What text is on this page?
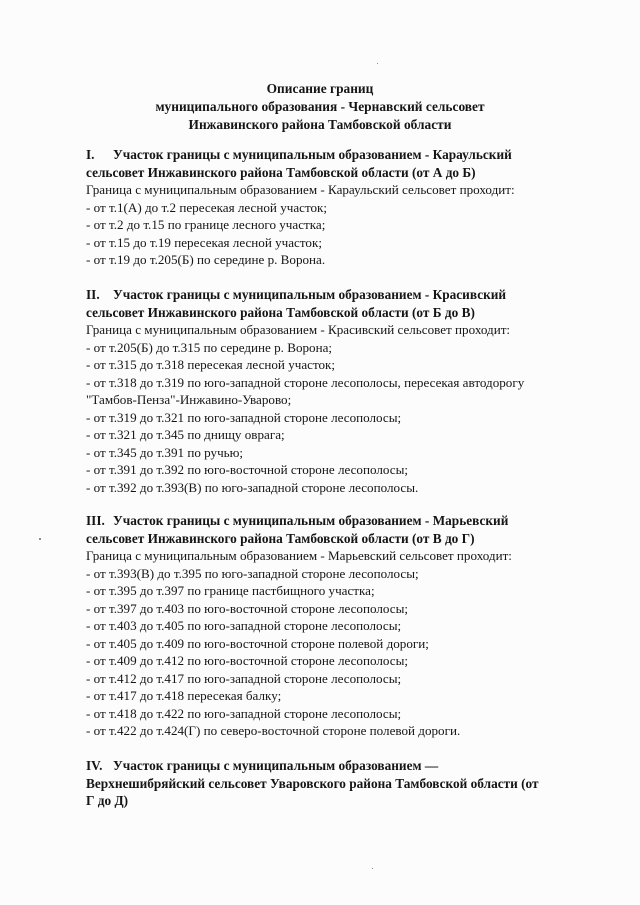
Описание границ
муниципального образования - Чернавский сельсовет
Инжавинского района Тамбовской области
I. Участок границы с муниципальным образованием - Караульский
сельсовет Инжавинского района Тамбовской области (от А до Б)
Граница с муниципальным образованием - Караульский сельсовет проходит:
- от т.1(А) до т.2 пересекая лесной участок;
- от т.2 до т.15 по границе лесного участка;
- от т.15 до т.19 пересекая лесной участок;
- от т.19 до т.205(Б) по середине р. Ворона.
II. Участок границы с муниципальным образованием - Красивский
сельсовет Инжавинского района Тамбовской области (от Б до В)
Граница с муниципальным образованием - Красивский сельсовет проходит:
- от т.205(Б) до т.315 по середине р. Ворона;
- от т.315 до т.318 пересекая лесной участок;
- от т.318 до т.319 по юго-западной стороне лесополосы, пересекая автодорогу
"Тамбов-Пенза"-Инжавино-Уварово;
- от т.319 до т.321 по юго-западной стороне лесополосы;
- от т.321 до т.345 по днищу оврага;
- от т.345 до т.391 по ручью;
- от т.391 до т.392 по юго-восточной стороне лесополосы;
- от т.392 до т.393(В) по юго-западной стороне лесополосы.
III. Участок границы с муниципальным образованием - Марьевский
сельсовет Инжавинского района Тамбовской области (от В до Г)
Граница с муниципальным образованием - Марьевский сельсовет проходит:
- от т.393(В) до т.395 по юго-западной стороне лесополосы;
- от т.395 до т.397 по границе пастбищного участка;
- от т.397 до т.403 по юго-восточной стороне лесополосы;
- от т.403 до т.405 по юго-западной стороне лесополосы;
- от т.405 до т.409 по юго-восточной стороне полевой дороги;
- от т.409 до т.412 по юго-восточной стороне лесополосы;
- от т.412 до т.417 по юго-западной стороне лесополосы;
- от т.417 до т.418 пересекая балку;
- от т.418 до т.422 по юго-западной стороне лесополосы;
- от т.422 до т.424(Г) по северо-восточной стороне полевой дороги.
IV. Участок границы с муниципальным образованием —
Верхнешибряйский сельсовет Уваровского района Тамбовской области (от
Г до Д)
